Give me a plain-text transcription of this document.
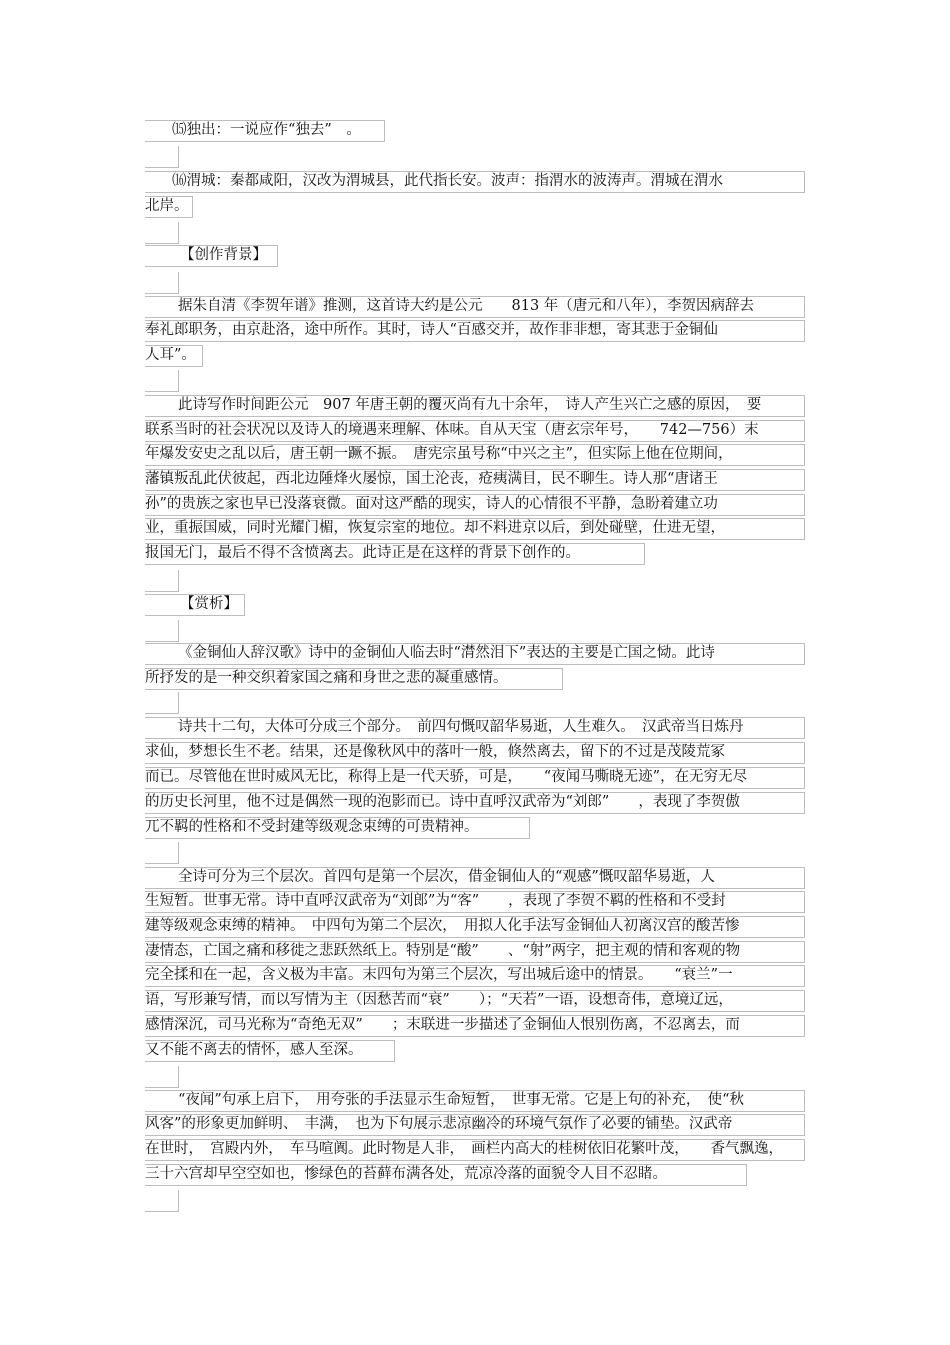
⒂独出：一说应作“独去”　。
⒃渭城：秦都咸阳，汉改为渭城县，此代指长安。波声：指渭水的波涛声。渭城在渭水
北岸。
【创作背景】
据朱自清《李贺年谱》推测，这首诗大约是公元　　813 年（唐元和八年），李贺因病辞去
奉礼郎职务，由京赴洛，途中所作。其时，诗人“百感交并，故作非非想，寄其悲于金铜仙
人耳”。
此诗写作时间距公元　907 年唐王朝的覆灭尚有九十余年，　诗人产生兴亡之感的原因，　要
联系当时的社会状况以及诗人的境遇来理解、体味。自从天宝（唐玄宗年号，　　742—756）末
年爆发安史之乱以后，唐王朝一蹶不振。　唐宪宗虽号称“中兴之主”，但实际上他在位期间，
藩镇叛乱此伏彼起，西北边陲烽火屡惊，国土沦丧，疮痍满目，民不聊生。诗人那“唐诸王
孙”的贵族之家也早已没落衰微。面对这严酷的现实，诗人的心情很不平静，急盼着建立功
业，重振国威，同时光耀门楣，恢复宗室的地位。却不料进京以后，到处碰壁，仕进无望，
报国无门，最后不得不含愤离去。此诗正是在这样的背景下创作的。
【赏析】
《金铜仙人辞汉歌》诗中的金铜仙人临去时“潸然泪下”表达的主要是亡国之恸。此诗
所抒发的是一种交织着家国之痛和身世之悲的凝重感情。
诗共十二句，大体可分成三个部分。　前四句慨叹韶华易逝，人生难久。　汉武帝当日炼丹
求仙，梦想长生不老。结果，还是像秋风中的落叶一般，倏然离去，留下的不过是茂陵荒冢
而已。尽管他在世时威风无比，称得上是一代天骄，可是，　　“夜闻马嘶晓无迹”，在无穷无尽
的历史长河里，他不过是偶然一现的泡影而已。诗中直呼汉武帝为“刘郎”　　，表现了李贺傲
兀不羁的性格和不受封建等级观念束缚的可贵精神。
全诗可分为三个层次。首四句是第一个层次，借金铜仙人的“观感”慨叹韶华易逝，人
生短暂。世事无常。诗中直呼汉武帝为“刘郎”为“客”　　，表现了李贺不羁的性格和不受封
建等级观念束缚的精神。　中四句为第二个层次，　用拟人化手法写金铜仙人初离汉宫的酸苦惨
凄情态，亡国之痛和移徙之悲跃然纸上。特别是“酸”　　、“射”两字，把主观的情和客观的物
完全揉和在一起，含义极为丰富。末四句为第三个层次，写出城后途中的情景。　　“衰兰”一
语，写形兼写情，而以写情为主（因愁苦而“衰”　　）；“天若”一语，设想奇伟，意境辽远，
感情深沉，司马光称为“奇绝无双”　　；末联进一步描述了金铜仙人恨别伤离，不忍离去，而
又不能不离去的情怀，感人至深。
“夜闻”句承上启下，　用夸张的手法显示生命短暂，　世事无常。它是上句的补充，　使“秋
风客”的形象更加鲜明、　丰满，　也为下句展示悲凉幽冷的环境气氛作了必要的铺垫。汉武帝
在世时，　宫殿内外，　车马喧阗。此时物是人非，　画栏内高大的桂树依旧花繁叶茂，　　香气飘逸，
三十六宫却早空空如也，惨绿色的苔藓布满各处，荒凉冷落的面貌令人目不忍睹。
